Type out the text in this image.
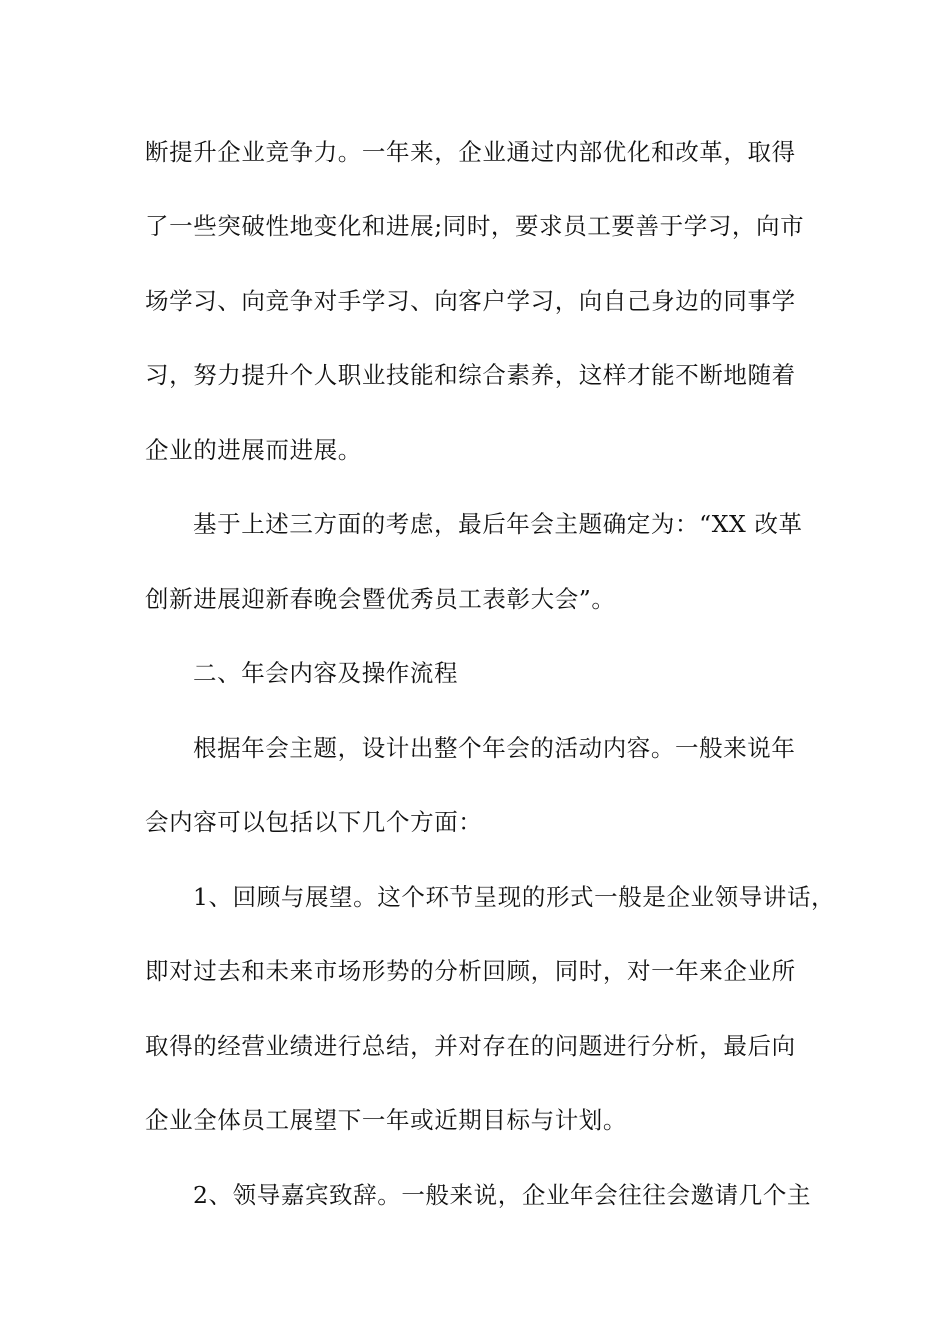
断提升企业竞争力。一年来，企业通过内部优化和改革，取得
了一些突破性地变化和进展;同时，要求员工要善于学习，向市
场学习、向竞争对手学习、向客户学习，向自己身边的同事学
习，努力提升个人职业技能和综合素养，这样才能不断地随着
企业的进展而进展。
基于上述三方面的考虑，最后年会主题确定为：“XX 改革
创新进展迎新春晚会暨优秀员工表彰大会”。
二、年会内容及操作流程
根据年会主题，设计出整个年会的活动内容。一般来说年
会内容可以包括以下几个方面：
1、回顾与展望。这个环节呈现的形式一般是企业领导讲话，
即对过去和未来市场形势的分析回顾，同时，对一年来企业所
取得的经营业绩进行总结，并对存在的问题进行分析，最后向
企业全体员工展望下一年或近期目标与计划。
2、领导嘉宾致辞。一般来说，企业年会往往会邀请几个主
